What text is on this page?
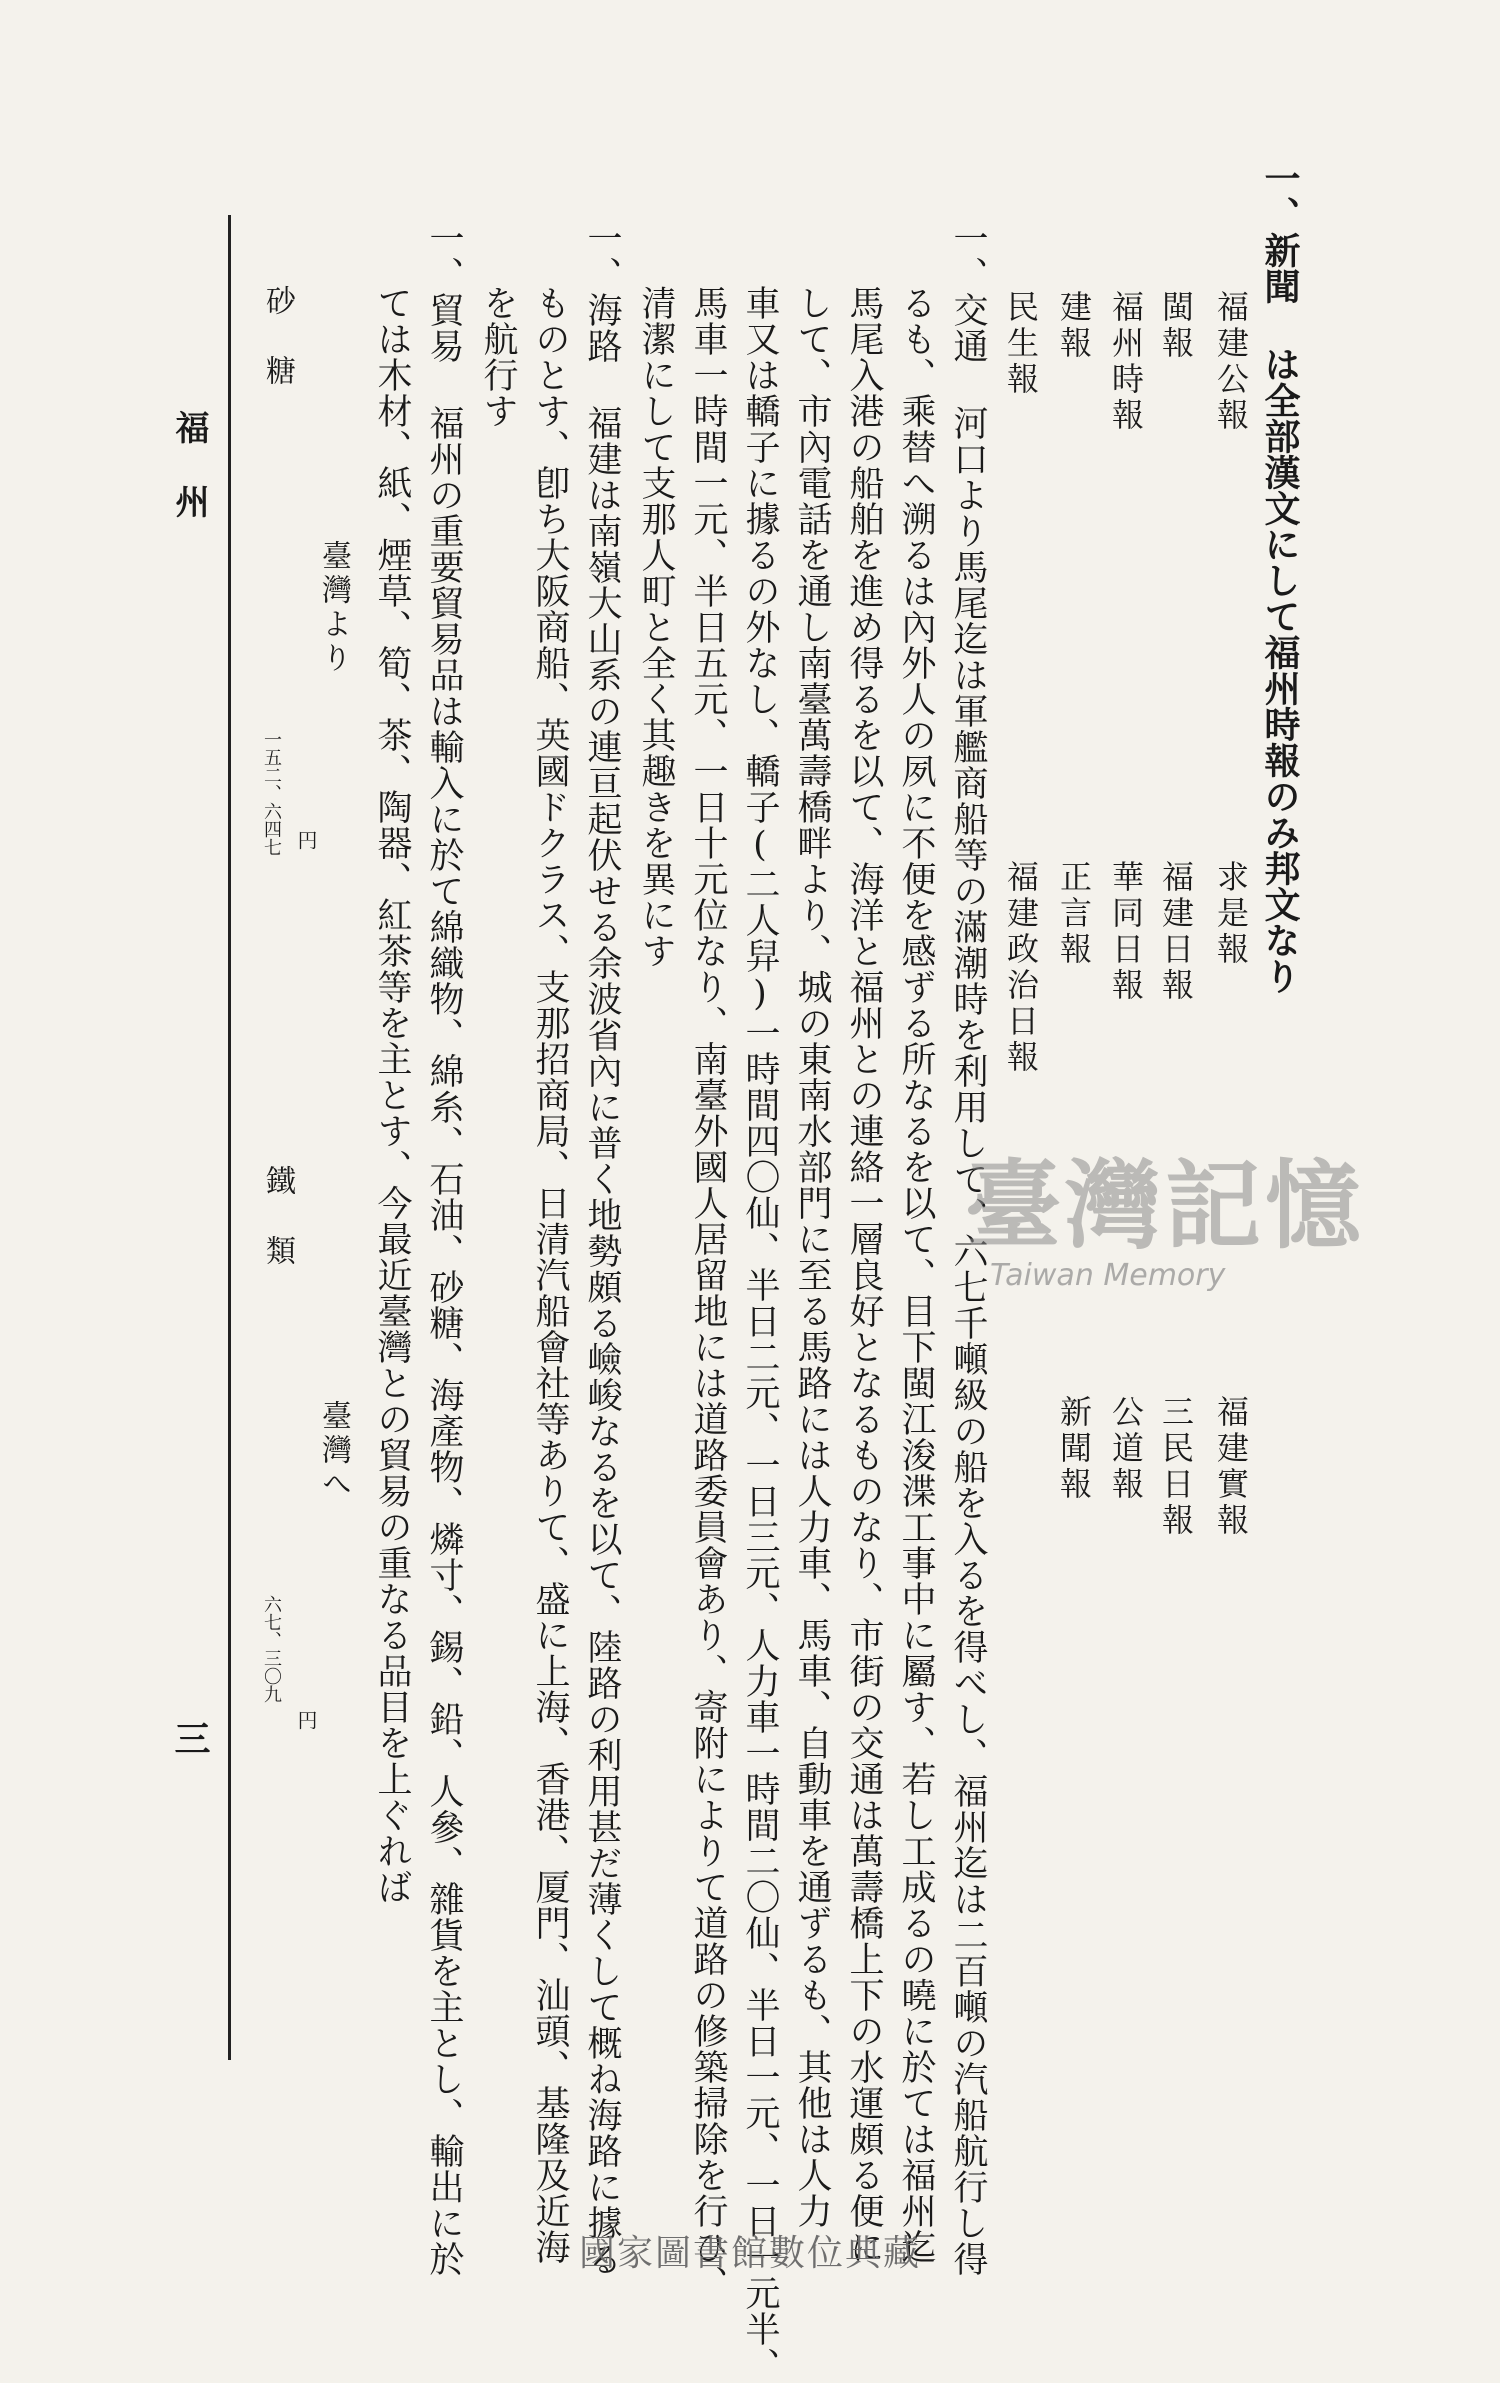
一、新聞 は全部漢文にして福州時報のみ邦文なり
福建公報
求是報
福建實報
閩報
福建日報
三民日報
福州時報
華同日報
公道報
建報
正言報
新聞報
民生報
福建政治日報
一、交通 河口より馬尾迄は軍艦商船等の滿潮時を利用して、六七千噸級の船を入るを得べし、福州迄は二百噸の汽船航行し得
るも、乘替へ溯るは內外人の夙に不便を感ずる所なるを以て、目下閩江浚渫工事中に屬す、若し工成るの曉に於ては福州迄
馬尾入港の船舶を進め得るを以て、海洋と福州との連絡一層良好となるものなり、市街の交通は萬壽橋上下の水運頗る便に
して、市內電話を通し南臺萬壽橋畔より、城の東南水部門に至る馬路には人力車、馬車、自動車を通ずるも、其他は人力
車又は轎子に據るの外なし、轎子(二人舁)一時間四〇仙、半日二元、一日三元、人力車一時間二〇仙、半日一元、一日一元半、
馬車一時間一元、半日五元、一日十元位なり、南臺外國人居留地には道路委員會あり、寄附によりて道路の修築掃除を行ひ、
清潔にして支那人町と全く其趣きを異にす
一、海路 福建は南嶺大山系の連亘起伏せる余波省內に普く地勢頗る嶮峻なるを以て、陸路の利用甚だ薄くして概ね海路に據る
ものとす、卽ち大阪商船、英國ドクラス、支那招商局、日清汽船會社等ありて、盛に上海、香港、厦門、汕頭、基隆及近海
を航行す
一、貿易 福州の重要貿易品は輸入に於て綿織物、綿糸、石油、砂糖、海產物、燐寸、錫、鉛、人參、雜貨を主とし、輸出に於
ては木材、紙、煙草、筍、茶、陶器、紅茶等を主とす、今最近臺灣との貿易の重なる品目を上ぐれば
臺灣より
臺灣へ
円
円
砂糖
一五二、六四七
鐵類
六七、三〇九
福州
三
臺灣記憶
Taiwan Memory
國家圖書館數位典藏
